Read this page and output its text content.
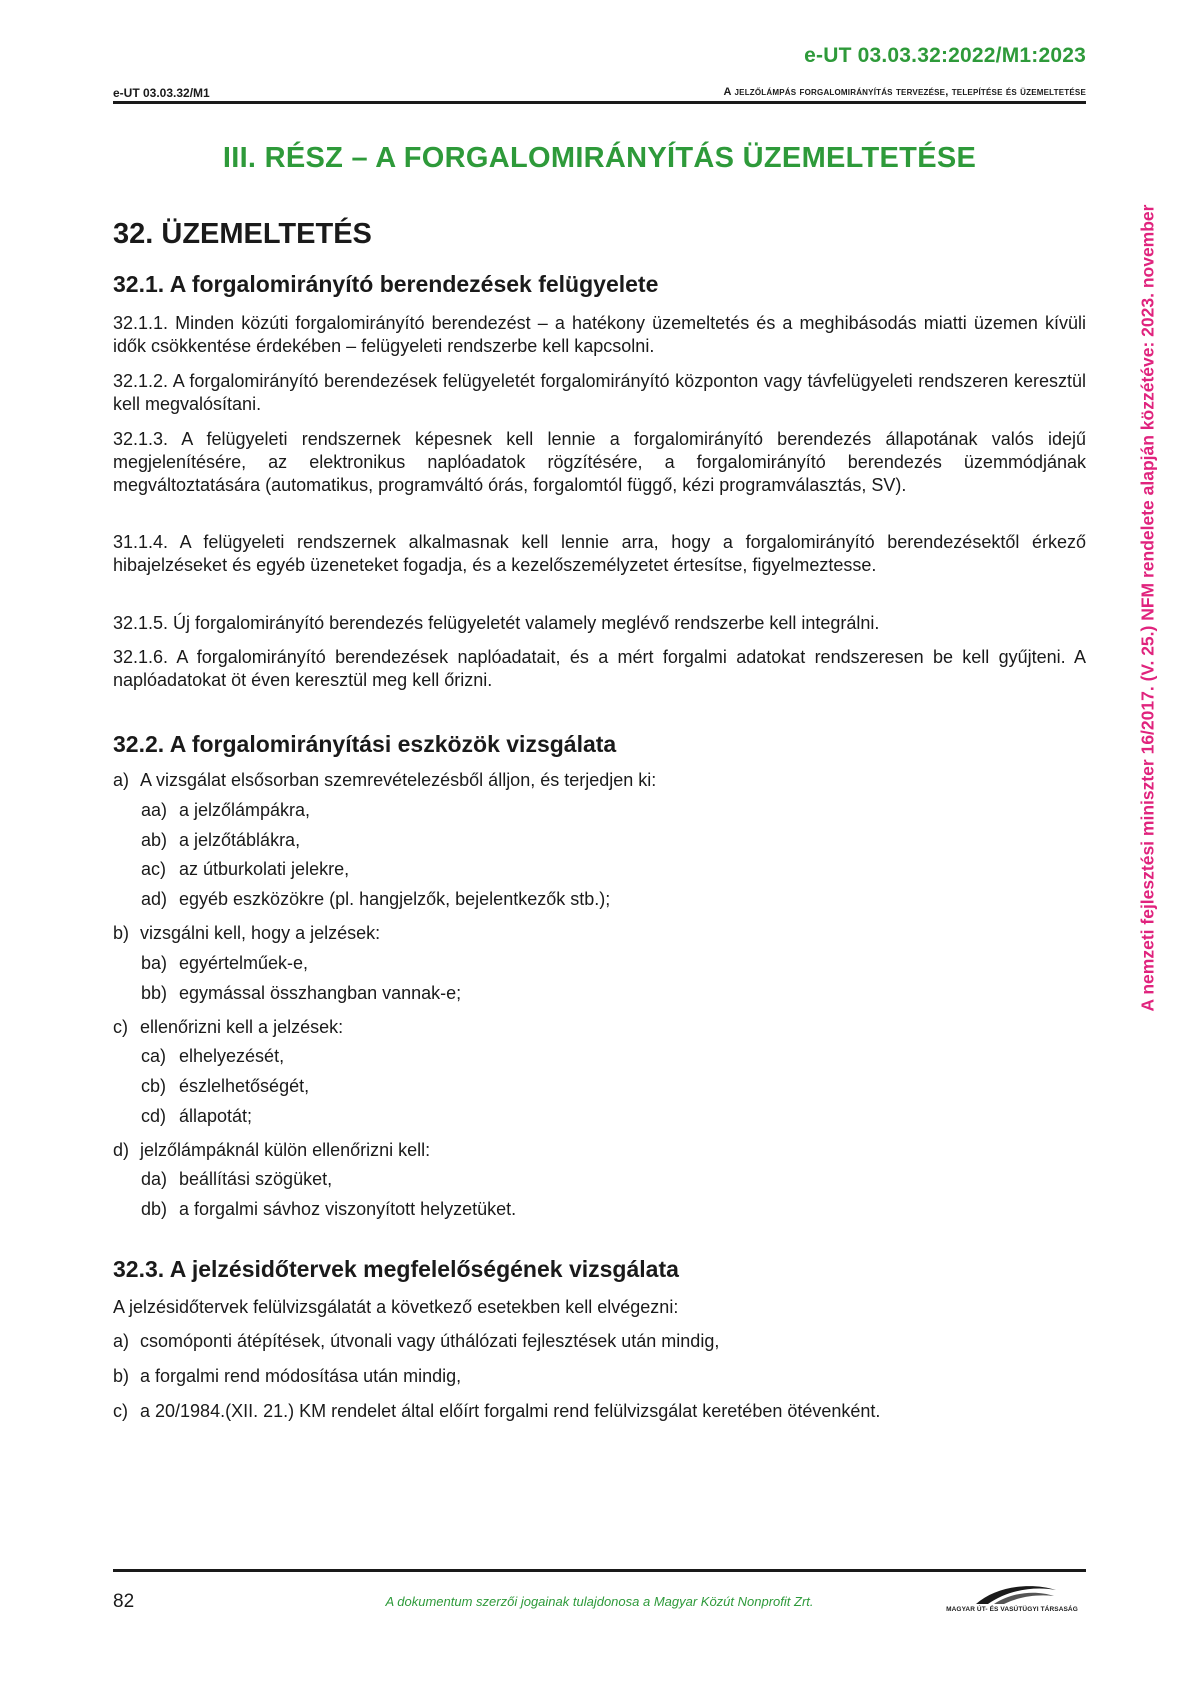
e-UT 03.03.32:2022/M1:2023
e-UT 03.03.32/M1	A jelzőlámpás forgalomirányítás tervezése, telepítése és üzemeltetése
III. RÉSZ – A FORGALOMIRÁNYÍTÁS ÜZEMELTETÉSE
32. ÜZEMELTETÉS
32.1. A forgalomirányító berendezések felügyelete

32.1.1. Minden közúti forgalomirányító berendezést – a hatékony üzemeltetés és a meghibásodás miatti üzemen kívüli idők csökkentése érdekében – felügyeleti rendszerbe kell kapcsolni.

32.1.2. A forgalomirányító berendezések felügyeletét forgalomirányító központon vagy távfelügyeleti rendszeren keresztül kell megvalósítani.

32.1.3. A felügyeleti rendszernek képesnek kell lennie a forgalomirányító berendezés állapotának valós idejű megjelenítésére, az elektronikus naplóadatok rögzítésére, a forgalomirányító berendezés üzemmódjának megváltoztatására (automatikus, programváltó órás, forgalomtól függő, kézi programválasztás, SV).

31.1.4. A felügyeleti rendszernek alkalmasnak kell lennie arra, hogy a forgalomirányító berendezésektől érkező hibajelzéseket és egyéb üzeneteket fogadja, és a kezelőszemélyzetet értesítse, figyelmeztesse.

32.1.5. Új forgalomirányító berendezés felügyeletét valamely meglévő rendszerbe kell integrálni.

32.1.6. A forgalomirányító berendezések naplóadatait, és a mért forgalmi adatokat rendszeresen be kell gyűjteni. A naplóadatokat öt éven keresztül meg kell őrizni.

32.2. A forgalomirányítási eszközök vizsgálata
a) A vizsgálat elsősorban szemrevételezésből álljon, és terjedjen ki:
aa) a jelzőlámpákra,
ab) a jelzőtáblákra,
ac) az útburkolati jelekre,
ad) egyéb eszközökre (pl. hangjelzők, bejelentkezők stb.);
b) vizsgálni kell, hogy a jelzések:
ba) egyértelműek-e,
bb) egymással összhangban vannak-e;
c) ellenőrizni kell a jelzések:
ca) elhelyezését,
cb) észlelhetőségét,
cd) állapotát;
d) jelzőlámpáknál külön ellenőrizni kell:
da) beállítási szögüket,
db) a forgalmi sávhoz viszonyított helyzetüket.
32.3. A jelzésidőtervek megfelelőségének vizsgálata
A jelzésidőtervek felülvizsgálatát a következő esetekben kell elvégezni:
a) csomóponti átépítések, útvonali vagy úthálózati fejlesztések után mindig,
b) a forgalmi rend módosítása után mindig,
c) a 20/1984.(XII. 21.) KM rendelet által előírt forgalmi rend felülvizsgálat keretében ötévenként.
82	A dokumentum szerzői jogainak tulajdonosa a Magyar Közút Nonprofit Zrt.
MAGYAR ÚT- ÉS VASÚTÜGYI TÁRSASÁG
A nemzeti fejlesztési miniszter 16/2017. (V. 25.) NFM rendelete alapján közzétéve: 2023. november
